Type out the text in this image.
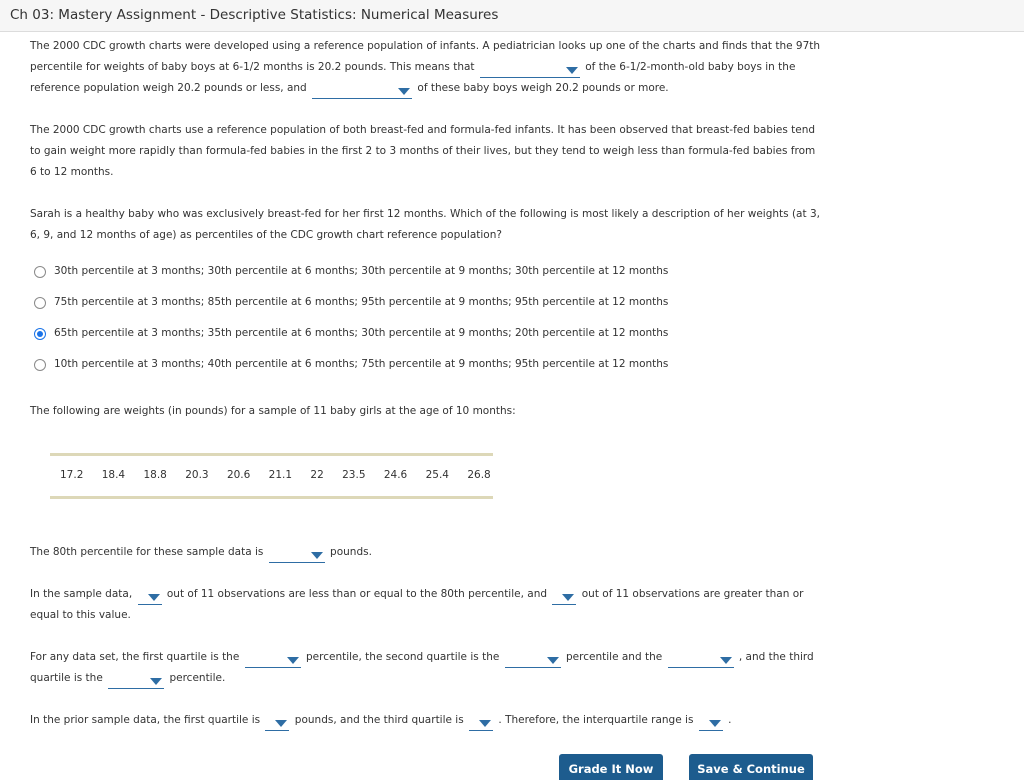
Ch 03: Mastery Assignment - Descriptive Statistics: Numerical Measures
The 2000 CDC growth charts were developed using a reference population of infants. A pediatrician looks up one of the charts and finds that the 97th
percentile for weights of baby boys at 6-1/2 months is 20.2 pounds. This means that	of the 6-1/2-month-old baby boys in the
reference population weigh 20.2 pounds or less, and	of these baby boys weigh 20.2 pounds or more.
The 2000 CDC growth charts use a reference population of both breast-fed and formula-fed infants. It has been observed that breast-fed babies tend
to gain weight more rapidly than formula-fed babies in the first 2 to 3 months of their lives, but they tend to weigh less than formula-fed babies from
6 to 12 months.
Sarah is a healthy baby who was exclusively breast-fed for her first 12 months. Which of the following is most likely a description of her weights (at 3,
6, 9, and 12 months of age) as percentiles of the CDC growth chart reference population?
30th percentile at 3 months; 30th percentile at 6 months; 30th percentile at 9 months; 30th percentile at 12 months
75th percentile at 3 months; 85th percentile at 6 months; 95th percentile at 9 months; 95th percentile at 12 months
65th percentile at 3 months; 35th percentile at 6 months; 30th percentile at 9 months; 20th percentile at 12 months
10th percentile at 3 months; 40th percentile at 6 months; 75th percentile at 9 months; 95th percentile at 12 months
The following are weights (in pounds) for a sample of 11 baby girls at the age of 10 months:
17.2 18.4 18.8 20.3 20.6 21.1 22 23.5 24.6 25.4 26.8
The 80th percentile for these sample data is	pounds.
In the sample data,	out of 11 observations are less than or equal to the 80th percentile, and	out of 11 observations are greater than or
equal to this value.
For any data set, the first quartile is the	percentile, the second quartile is the	percentile and the	, and the third
quartile is the	percentile.
In the prior sample data, the first quartile is	pounds, and the third quartile is	. Therefore, the interquartile range is	.
Grade It Now	Save & Continue
